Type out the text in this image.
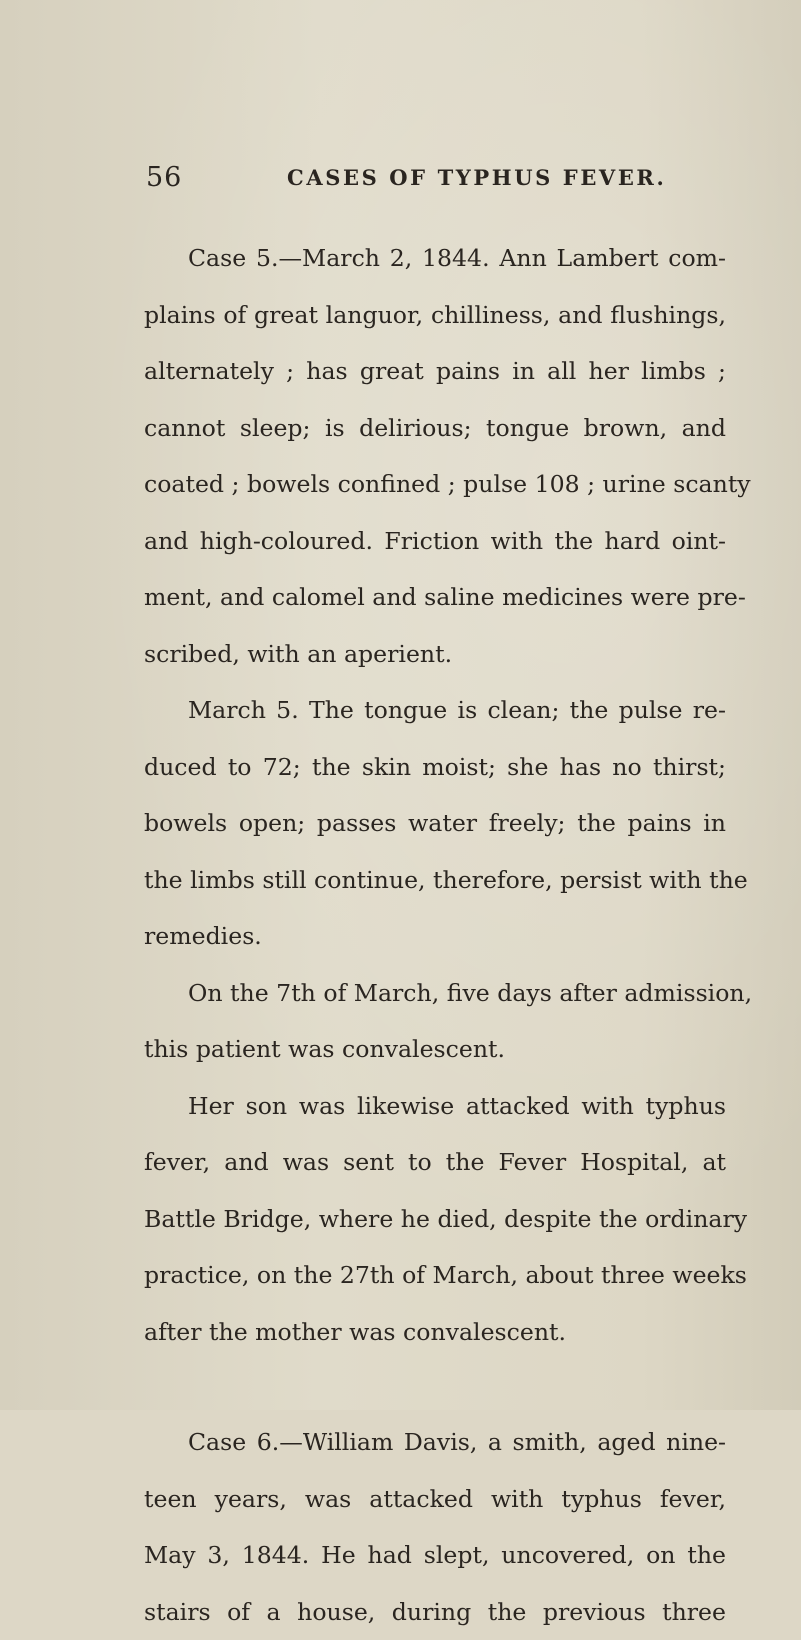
56	CASES OF TYPHUS FEVER.
Case 5.—March 2, 1844. Ann Lambert com-
plains of great languor, chilliness, and flushings,
alternately ; has great pains in all her limbs ;
cannot sleep; is delirious; tongue brown, and
coated ; bowels confined ; pulse 108 ; urine scanty
and high-coloured. Friction with the hard oint-
ment, and calomel and saline medicines were pre-
scribed, with an aperient.
March 5. The tongue is clean; the pulse re-
duced to 72; the skin moist; she has no thirst;
bowels open; passes water freely; the pains in
the limbs still continue, therefore, persist with the
remedies.
On the 7th of March, five days after admission,
this patient was convalescent.
Her son was likewise attacked with typhus
fever, and was sent to the Fever Hospital, at
Battle Bridge, where he died, despite the ordinary
practice, on the 27th of March, about three weeks
after the mother was convalescent.
Case 6.—William Davis, a smith, aged nine-
teen years, was attacked with typhus fever,
May 3, 1844. He had slept, uncovered, on the
stairs of a house, during the previous three
